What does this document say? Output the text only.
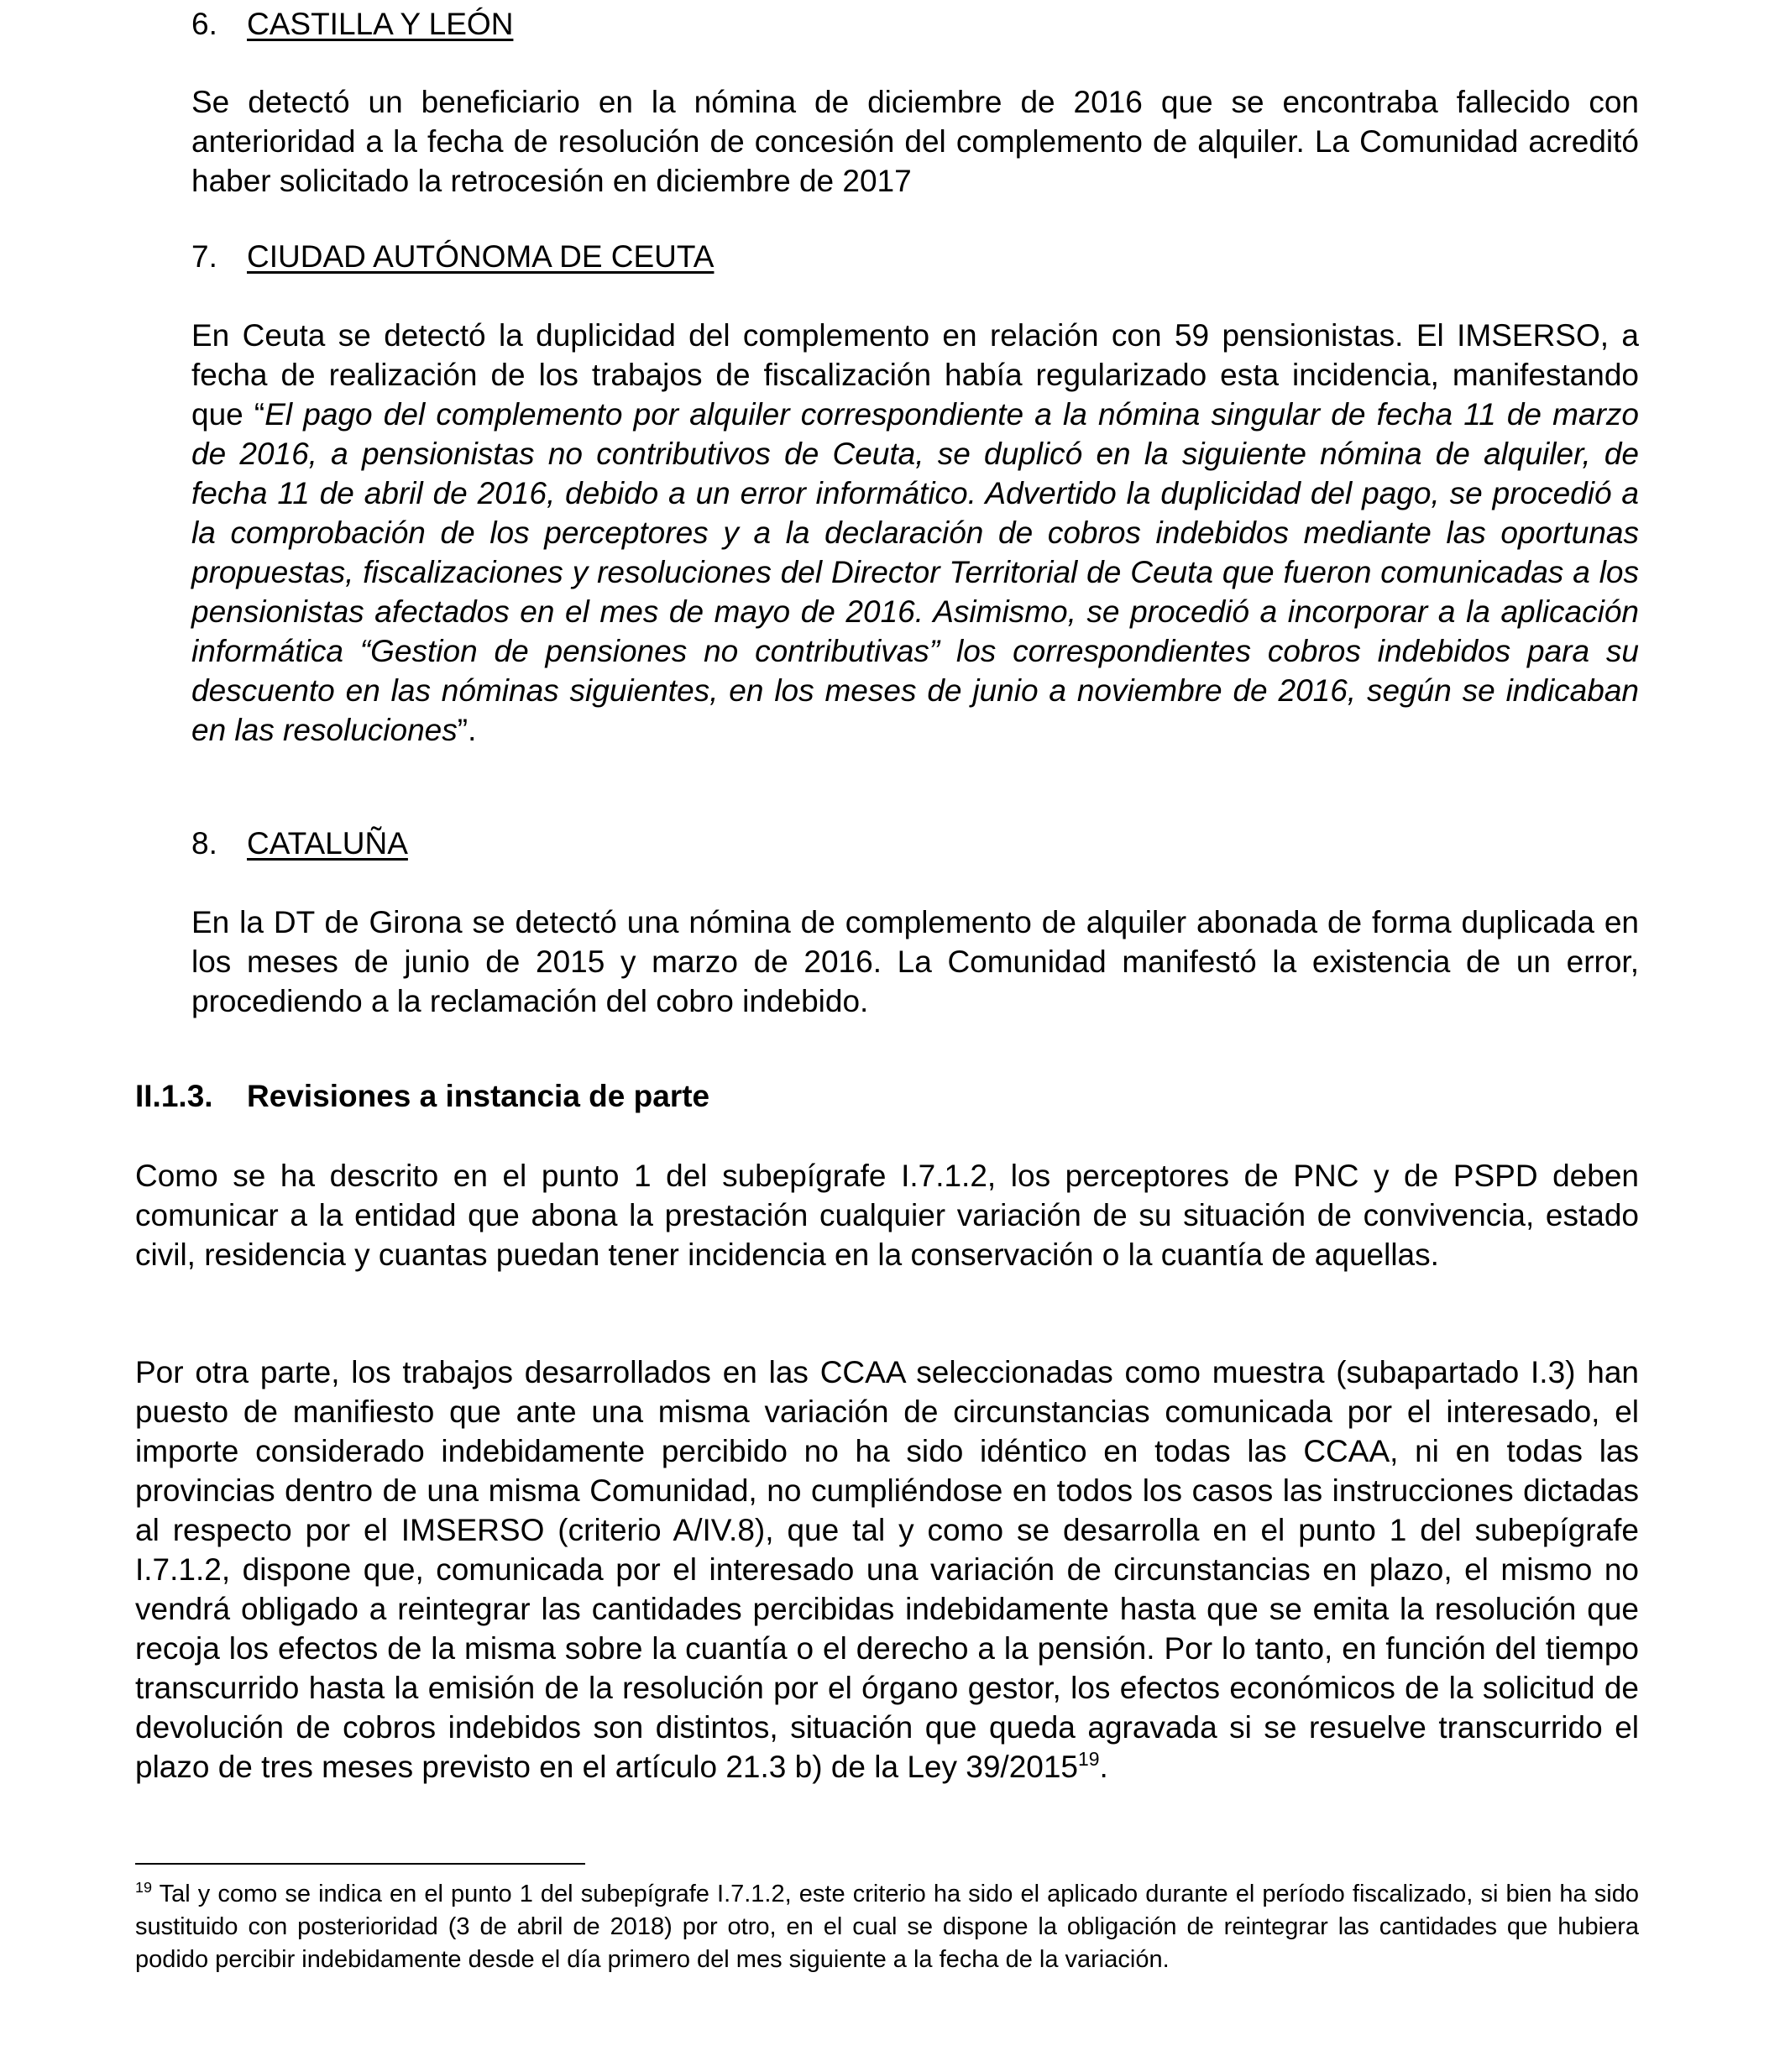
6. CASTILLA Y LEÓN

Se detectó un beneficiario en la nómina de diciembre de 2016 que se encontraba fallecido con anterioridad a la fecha de resolución de concesión del complemento de alquiler. La Comunidad acreditó haber solicitado la retrocesión en diciembre de 2017

7. CIUDAD AUTÓNOMA DE CEUTA

En Ceuta se detectó la duplicidad del complemento en relación con 59 pensionistas. El IMSERSO, a fecha de realización de los trabajos de fiscalización había regularizado esta incidencia, manifestando que “El pago del complemento por alquiler correspondiente a la nómina singular de fecha 11 de marzo de 2016, a pensionistas no contributivos de Ceuta, se duplicó en la siguiente nómina de alquiler, de fecha 11 de abril de 2016, debido a un error informático. Advertido la duplicidad del pago, se procedió a la comprobación de los perceptores y a la declaración de cobros indebidos mediante las oportunas propuestas, fiscalizaciones y resoluciones del Director Territorial de Ceuta que fueron comunicadas a los pensionistas afectados en el mes de mayo de 2016. Asimismo, se procedió a incorporar a la aplicación informática “Gestion de pensiones no contributivas” los correspondientes cobros indebidos para su descuento en las nóminas siguientes, en los meses de junio a noviembre de 2016, según se indicaban en las resoluciones”.

8. CATALUÑA

En la DT de Girona se detectó una nómina de complemento de alquiler abonada de forma duplicada en los meses de junio de 2015 y marzo de 2016. La Comunidad manifestó la existencia de un error, procediendo a la reclamación del cobro indebido.

II.1.3. Revisiones a instancia de parte

Como se ha descrito en el punto 1 del subepígrafe I.7.1.2, los perceptores de PNC y de PSPD deben comunicar a la entidad que abona la prestación cualquier variación de su situación de convivencia, estado civil, residencia y cuantas puedan tener incidencia en la conservación o la cuantía de aquellas.

Por otra parte, los trabajos desarrollados en las CCAA seleccionadas como muestra (subapartado I.3) han puesto de manifiesto que ante una misma variación de circunstancias comunicada por el interesado, el importe considerado indebidamente percibido no ha sido idéntico en todas las CCAA, ni en todas las provincias dentro de una misma Comunidad, no cumpliéndose en todos los casos las instrucciones dictadas al respecto por el IMSERSO (criterio A/IV.8), que tal y como se desarrolla en el punto 1 del subepígrafe I.7.1.2, dispone que, comunicada por el interesado una variación de circunstancias en plazo, el mismo no vendrá obligado a reintegrar las cantidades percibidas indebidamente hasta que se emita la resolución que recoja los efectos de la misma sobre la cuantía o el derecho a la pensión. Por lo tanto, en función del tiempo transcurrido hasta la emisión de la resolución por el órgano gestor, los efectos económicos de la solicitud de devolución de cobros indebidos son distintos, situación que queda agravada si se resuelve transcurrido el plazo de tres meses previsto en el artículo 21.3 b) de la Ley 39/2015$^{19}$.

$^{19}$ Tal y como se indica en el punto 1 del subepígrafe I.7.1.2, este criterio ha sido el aplicado durante el período fiscalizado, si bien ha sido sustituido con posterioridad (3 de abril de 2018) por otro, en el cual se dispone la obligación de reintegrar las cantidades que hubiera podido percibir indebidamente desde el día primero del mes siguiente a la fecha de la variación.
